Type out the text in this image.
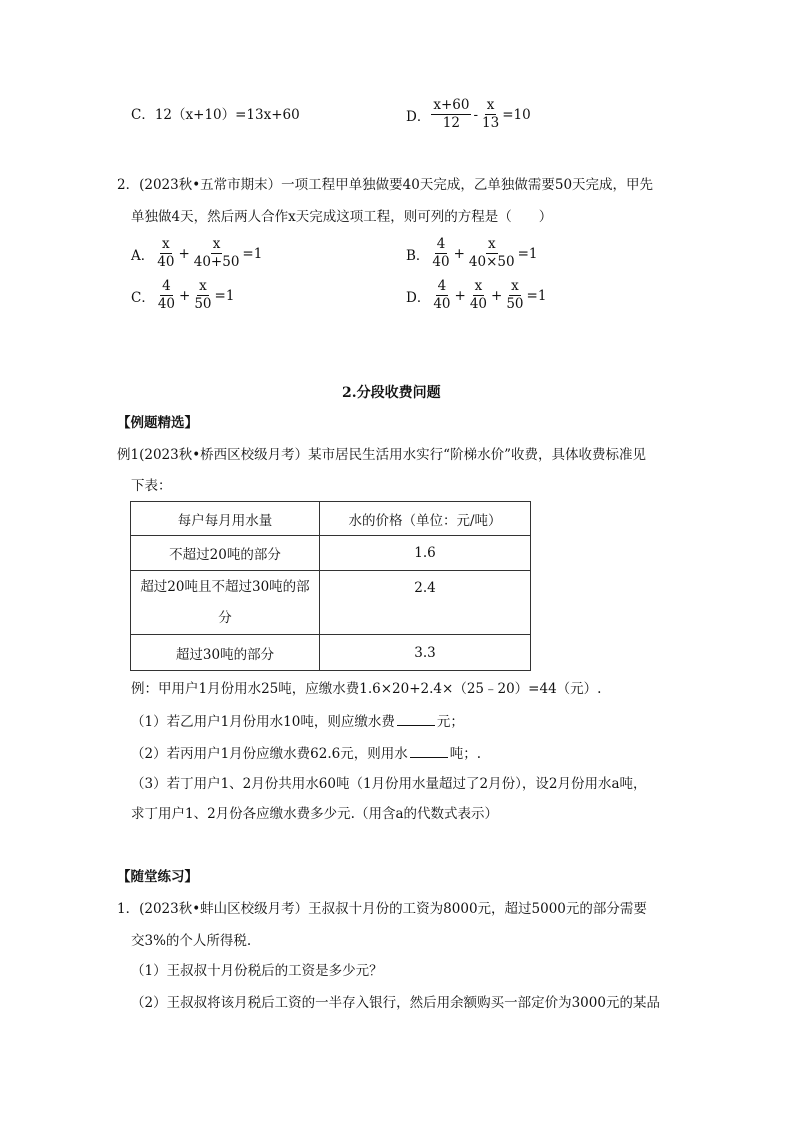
C．12（x+10）=13x+60	D． $\frac{x+60}{12} - \frac{x}{13} =10$
2．(2023秋•五常市期末）一项工程甲单独做要40天完成，乙单独做需要50天完成，甲先
单独做4天，然后两人合作x天完成这项工程，则可列的方程是（　　）
A． $\frac{x}{40} + \frac{x}{40+50} =1$	B． $\frac{4}{40} + \frac{x}{40\times 50} =1$
C． $\frac{4}{40} + \frac{x}{50} =1$	D． $\frac{4}{40} + \frac{x}{40} + \frac{x}{50} =1$
2.分段收费问题
【例题精选】
例1(2023秋•桥西区校级月考）某市居民生活用水实行“阶梯水价”收费，具体收费标准见
下表：
每户每月用水量	水的价格（单位：元/吨）
不超过20吨的部分	1.6

超过20吨且不超过30吨的部
分	2.4
超过30吨的部分	3.3
例：甲用户1月份用水25吨，应缴水费1.6×20+2.4×（25﹣20）=44（元）.
（1）若乙用户1月份用水10吨，则应缴水费	元；
（2）若丙用户1月份应缴水费62.6元，则用水	吨；.
（3）若丁用户1、2月份共用水60吨（1月份用水量超过了2月份），设2月份用水a吨，
求丁用户1、2月份各应缴水费多少元.（用含a的代数式表示）
【随堂练习】
1．(2023秋•蚌山区校级月考）王叔叔十月份的工资为8000元，超过5000元的部分需要
交3%的个人所得税.
（1）王叔叔十月份税后的工资是多少元？
（2）王叔叔将该月税后工资的一半存入银行，然后用余额购买一部定价为3000元的某品
